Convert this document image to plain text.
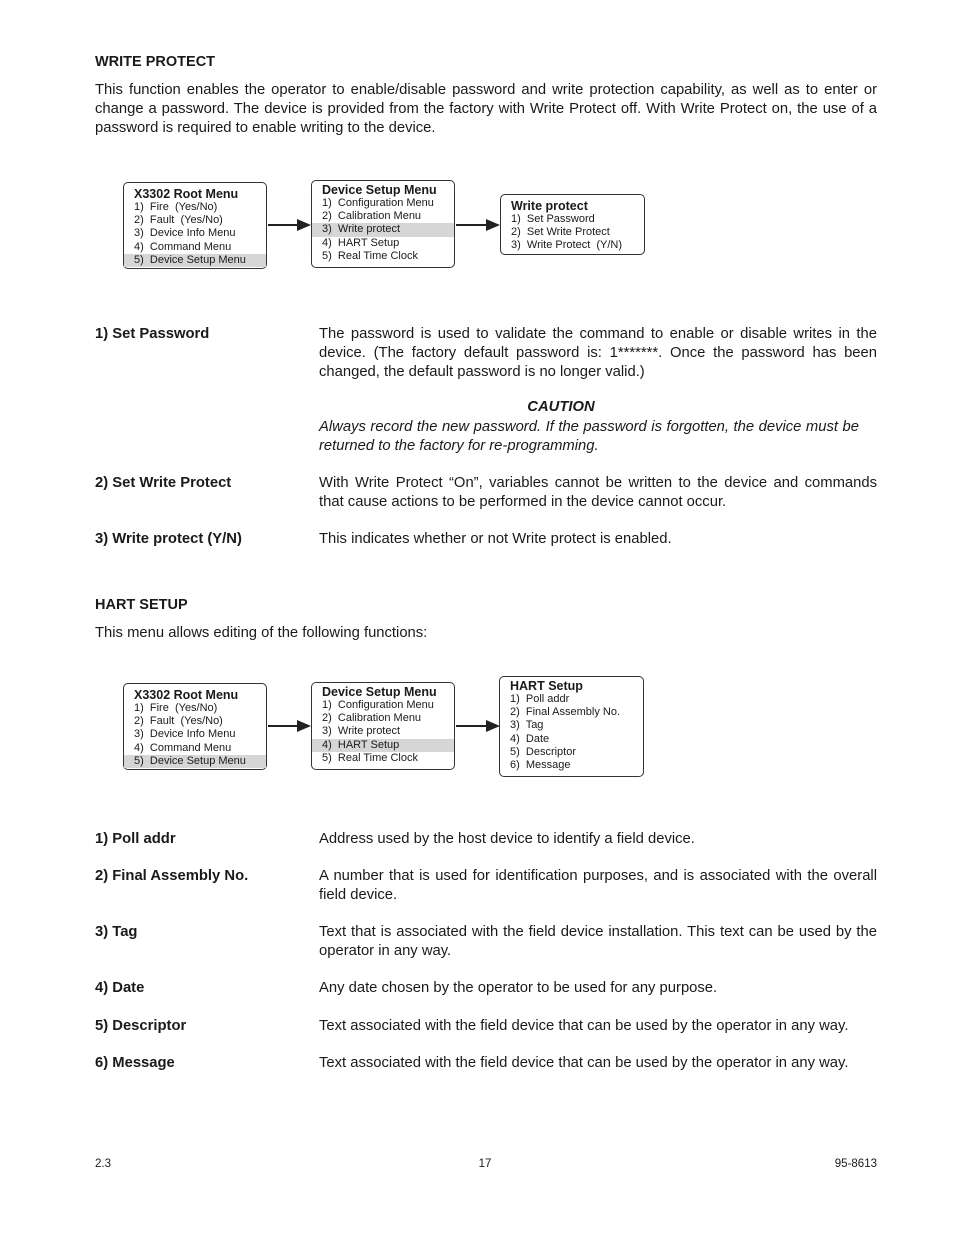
WRITE PROTECT
This function enables the operator to enable/disable password and write protection capability, as well as to enter or change a password. The device is provided from the factory with Write Protect off. With Write Protect on, the use of a password is required to enable writing to the device.
X3302 Root Menu
1)  Fire  (Yes/No)
2)  Fault  (Yes/No)
3)  Device Info Menu
4)  Command Menu
5)  Device Setup Menu
Device Setup Menu
1)  Configuration Menu
2)  Calibration Menu
3)  Write protect
4)  HART Setup
5)  Real Time Clock
Write protect
1)  Set Password
2)  Set Write Protect
3)  Write Protect  (Y/N)
1) Set Password	The password is used to validate the command to enable or disable writes in the device. (The factory default password is: 1*******. Once the password has been changed, the default password is no longer valid.)
CAUTION
Always record the new password. If the password is forgotten, the device must be returned to the factory for re-programming.
2) Set Write Protect	With Write Protect “On”, variables cannot be written to the device and commands that cause actions to be performed in the device cannot occur.
3) Write protect (Y/N)	This indicates whether or not Write protect is enabled.
HART SETUP
This menu allows editing of the following functions:
X3302 Root Menu
1)  Fire  (Yes/No)
2)  Fault  (Yes/No)
3)  Device Info Menu
4)  Command Menu
5)  Device Setup Menu
Device Setup Menu
1)  Configuration Menu
2)  Calibration Menu
3)  Write protect
4)  HART Setup
5)  Real Time Clock
HART Setup
1)  Poll addr
2)  Final Assembly No.
3)  Tag
4)  Date
5)  Descriptor
6)  Message
1) Poll addr	Address used by the host device to identify a field device.
2) Final Assembly No.	A number that is used for identification purposes, and is associated with the overall field device.
3) Tag	Text that is associated with the field device installation. This text can be used by the operator in any way.
4) Date	Any date chosen by the operator to be used for any purpose.
5) Descriptor	Text associated with the field device that can be used by the operator in any way.
6) Message	Text associated with the field device that can be used by the operator in any way.
2.3	17	95-8613
